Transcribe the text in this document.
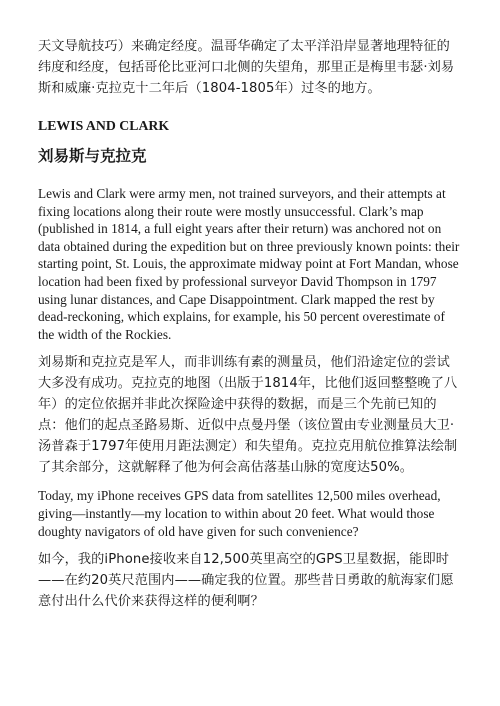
天文导航技巧）来确定经度。温哥华确定了太平洋沿岸显著地理特征的纬度和经度，包括哥伦比亚河口北侧的失望角，那里正是梅里韦瑟·刘易斯和威廉·克拉克十二年后（1804-1805年）过冬的地方。

LEWIS AND CLARK
刘易斯与克拉克

Lewis and Clark were army men, not trained surveyors, and their attempts at fixing locations along their route were mostly unsuccessful. Clark’s map (published in 1814, a full eight years after their return) was anchored not on data obtained during the expedition but on three previously known points: their starting point, St. Louis, the approximate midway point at Fort Mandan, whose location had been fixed by professional surveyor David Thompson in 1797 using lunar distances, and Cape Disappointment. Clark mapped the rest by dead-reckoning, which explains, for example, his 50 percent overestimate of the width of the Rockies.

刘易斯和克拉克是军人，而非训练有素的测量员，他们沿途定位的尝试大多没有成功。克拉克的地图（出版于1814年，比他们返回整整晚了八年）的定位依据并非此次探险途中获得的数据，而是三个先前已知的点：他们的起点圣路易斯、近似中点曼丹堡（该位置由专业测量员大卫·汤普森于1797年使用月距法测定）和失望角。克拉克用航位推算法绘制了其余部分，这就解释了他为何会高估落基山脉的宽度达50%。

Today, my iPhone receives GPS data from satellites 12,500 miles overhead, giving—instantly—my location to within about 20 feet. What would those doughty navigators of old have given for such convenience?

如今，我的iPhone接收来自12,500英里高空的GPS卫星数据，能即时——在约20英尺范围内——确定我的位置。那些昔日勇敢的航海家们愿意付出什么代价来获得这样的便利啊？
